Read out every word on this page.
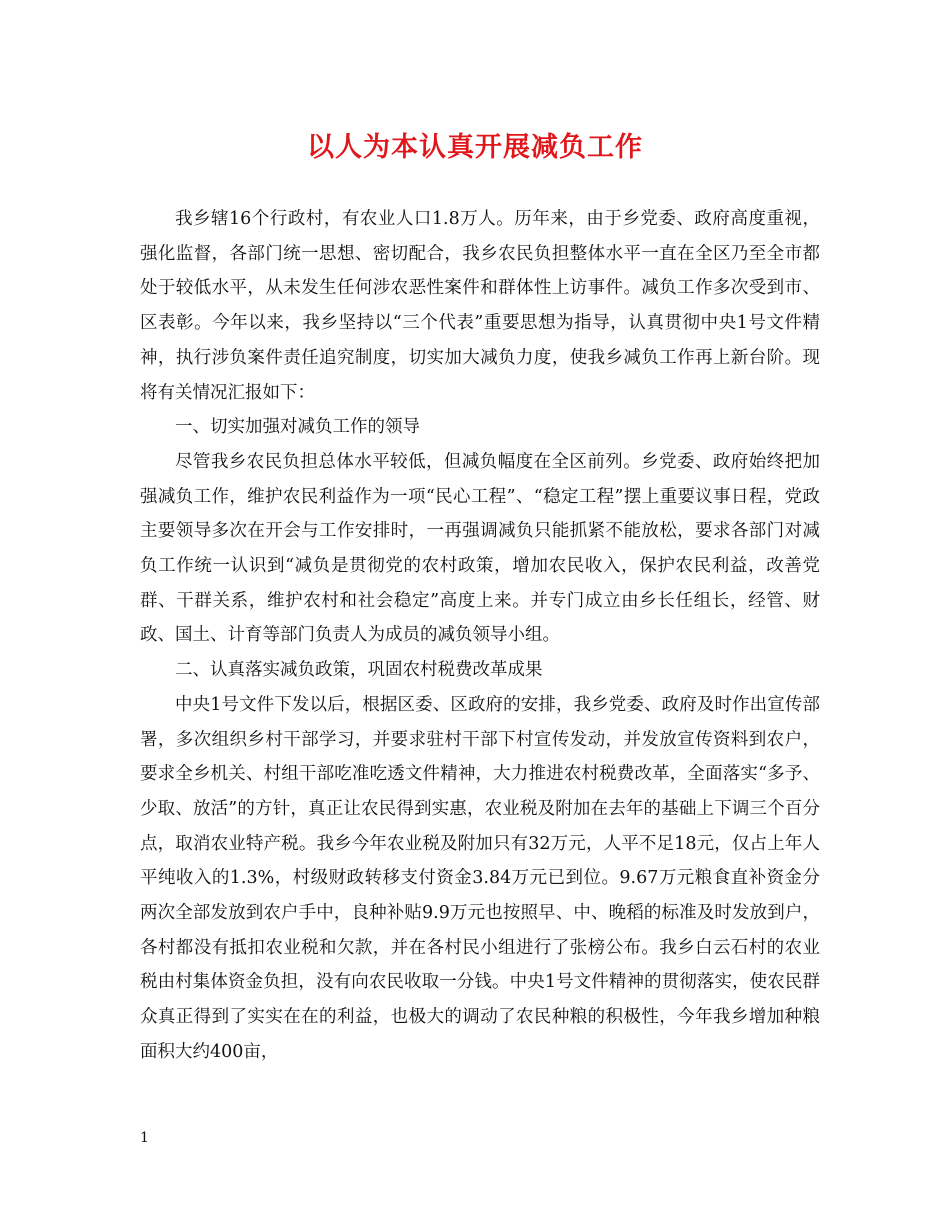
以人为本认真开展减负工作

我乡辖16个行政村，有农业人口1.8万人。历年来，由于乡党委、政府高度重视，强化监督，各部门统一思想、密切配合，我乡农民负担整体水平一直在全区乃至全市都处于较低水平，从未发生任何涉农恶性案件和群体性上访事件。减负工作多次受到市、区表彰。今年以来，我乡坚持以“三个代表”重要思想为指导，认真贯彻中央1号文件精神，执行涉负案件责任追究制度，切实加大减负力度，使我乡减负工作再上新台阶。现将有关情况汇报如下：

一、切实加强对减负工作的领导

尽管我乡农民负担总体水平较低，但减负幅度在全区前列。乡党委、政府始终把加强减负工作，维护农民利益作为一项“民心工程”、“稳定工程”摆上重要议事日程，党政主要领导多次在开会与工作安排时，一再强调减负只能抓紧不能放松，要求各部门对减负工作统一认识到“减负是贯彻党的农村政策，增加农民收入，保护农民利益，改善党群、干群关系，维护农村和社会稳定”高度上来。并专门成立由乡长任组长，经管、财政、国土、计育等部门负责人为成员的减负领导小组。

二、认真落实减负政策，巩固农村税费改革成果

中央1号文件下发以后，根据区委、区政府的安排，我乡党委、政府及时作出宣传部署，多次组织乡村干部学习，并要求驻村干部下村宣传发动，并发放宣传资料到农户，要求全乡机关、村组干部吃准吃透文件精神，大力推进农村税费改革，全面落实“多予、少取、放活”的方针，真正让农民得到实惠，农业税及附加在去年的基础上下调三个百分点，取消农业特产税。我乡今年农业税及附加只有32万元，人平不足18元，仅占上年人平纯收入的1.3%，村级财政转移支付资金3.84万元已到位。9.67万元粮食直补资金分两次全部发放到农户手中，良种补贴9.9万元也按照早、中、晚稻的标准及时发放到户，各村都没有抵扣农业税和欠款，并在各村民小组进行了张榜公布。我乡白云石村的农业税由村集体资金负担，没有向农民收取一分钱。中央1号文件精神的贯彻落实，使农民群众真正得到了实实在在的利益，也极大的调动了农民种粮的积极性，今年我乡增加种粮面积大约400亩，

1
